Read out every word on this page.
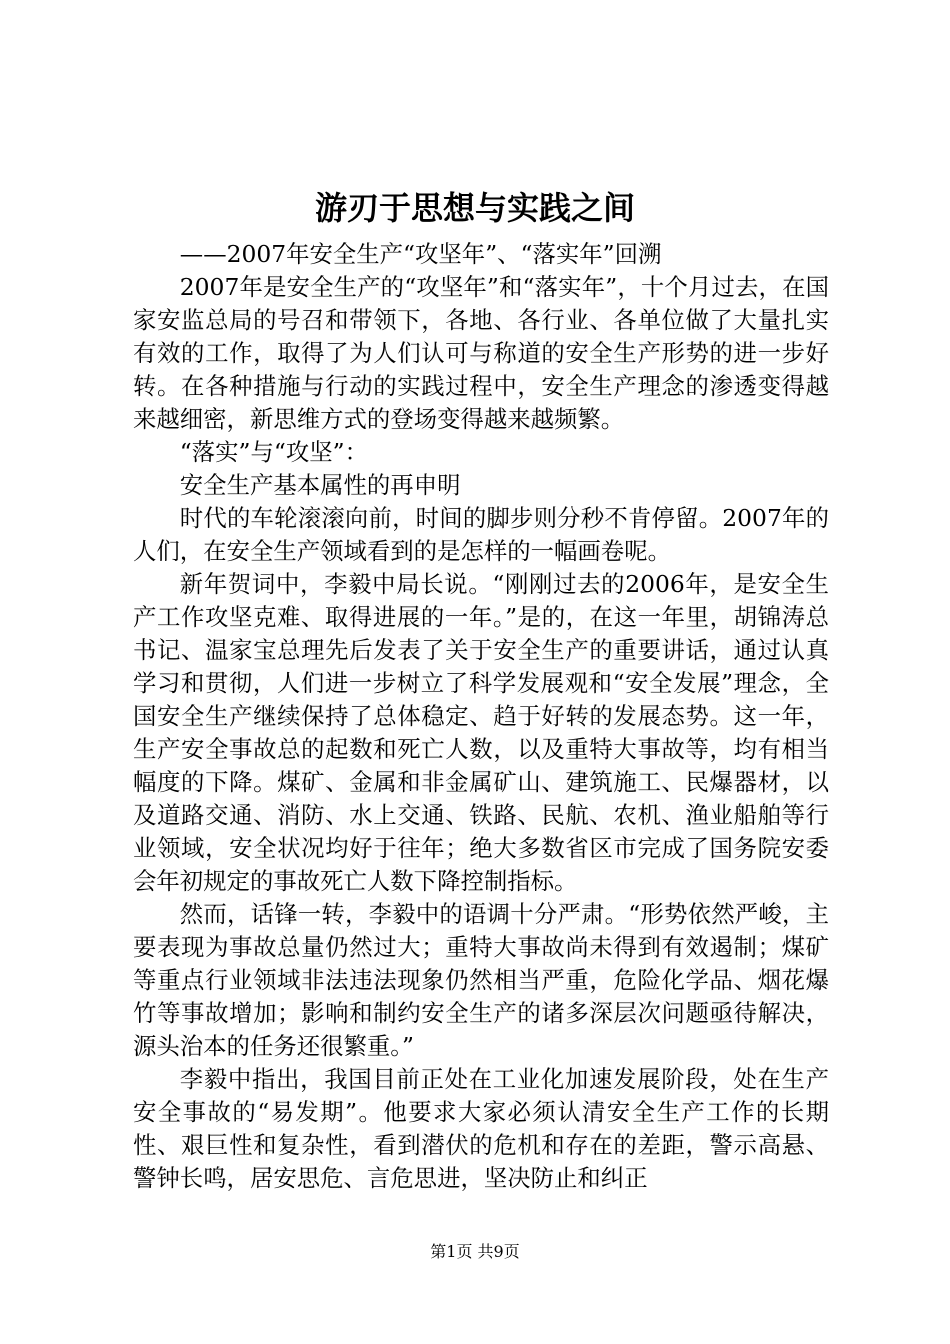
游刃于思想与实践之间

——2007年安全生产“攻坚年”、“落实年”回溯

2007年是安全生产的“攻坚年”和“落实年”，十个月过去，在国家安监总局的号召和带领下，各地、各行业、各单位做了大量扎实有效的工作，取得了为人们认可与称道的安全生产形势的进一步好转。在各种措施与行动的实践过程中，安全生产理念的渗透变得越来越细密，新思维方式的登场变得越来越频繁。

“落实”与“攻坚”：

安全生产基本属性的再申明

时代的车轮滚滚向前，时间的脚步则分秒不肯停留。2007年的人们，在安全生产领域看到的是怎样的一幅画卷呢。

新年贺词中，李毅中局长说。“刚刚过去的2006年，是安全生产工作攻坚克难、取得进展的一年。”是的，在这一年里，胡锦涛总书记、温家宝总理先后发表了关于安全生产的重要讲话，通过认真学习和贯彻，人们进一步树立了科学发展观和“安全发展”理念，全国安全生产继续保持了总体稳定、趋于好转的发展态势。这一年，生产安全事故总的起数和死亡人数，以及重特大事故等，均有相当幅度的下降。煤矿、金属和非金属矿山、建筑施工、民爆器材，以及道路交通、消防、水上交通、铁路、民航、农机、渔业船舶等行业领域，安全状况均好于往年；绝大多数省区市完成了国务院安委会年初规定的事故死亡人数下降控制指标。

然而，话锋一转，李毅中的语调十分严肃。“形势依然严峻，主要表现为事故总量仍然过大；重特大事故尚未得到有效遏制；煤矿等重点行业领域非法违法现象仍然相当严重，危险化学品、烟花爆竹等事故增加；影响和制约安全生产的诸多深层次问题亟待解决，源头治本的任务还很繁重。”

李毅中指出，我国目前正处在工业化加速发展阶段，处在生产安全事故的“易发期”。他要求大家必须认清安全生产工作的长期性、艰巨性和复杂性，看到潜伏的危机和存在的差距，警示高悬、警钟长鸣，居安思危、言危思进，坚决防止和纠正

第1页 共9页
